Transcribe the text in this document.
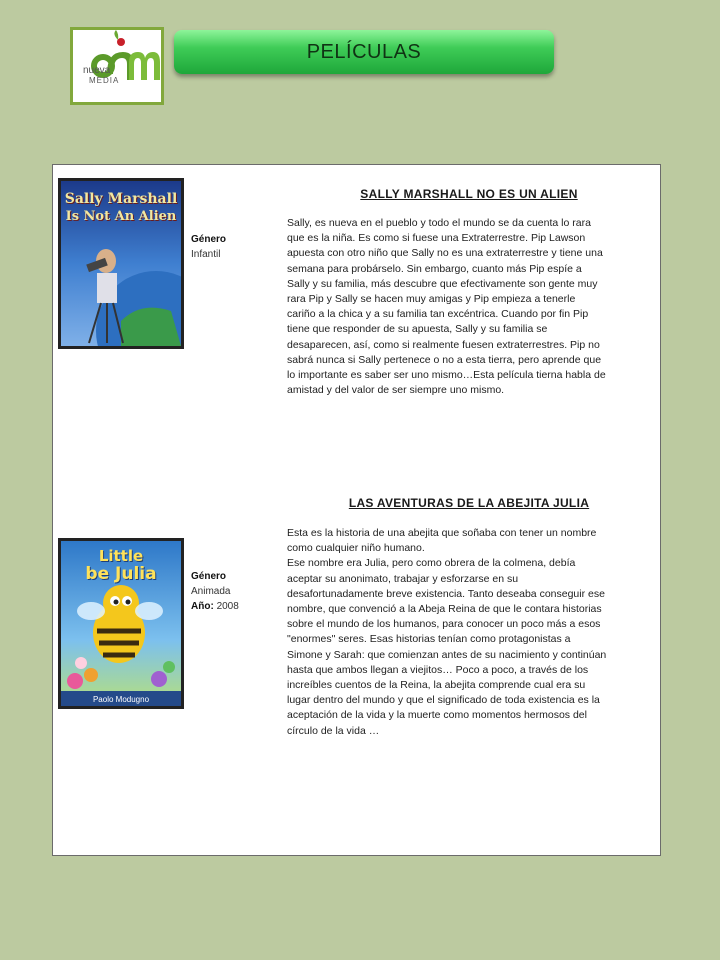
nueva
MEDIA
PELÍCULAS
Sally Marshall
Is Not An Alien
Género
Infantil
SALLY MARSHALL NO ES UN ALIEN

Sally, es nueva en el pueblo y todo el mundo se da cuenta lo rara
que es la niña. Es como si fuese una Extraterrestre. Pip Lawson
apuesta con otro niño que Sally no es una extraterrestre y tiene una
semana para probárselo. Sin embargo, cuanto más Pip espíe a
Sally y su familia, más descubre que efectivamente son gente muy
rara Pip y Sally se hacen muy amigas y Pip empieza a tenerle
cariño a la chica y a su familia tan excéntrica. Cuando por fin Pip
tiene que responder de su apuesta, Sally y su familia se
desaparecen, así, como si realmente fuesen extraterrestres. Pip no
sabrá nunca si Sally pertenece o no a esta tierra, pero aprende que
lo importante es saber ser uno mismo…Esta película tierna habla de
amistad y del valor de ser siempre uno mismo.

Little
be Julia
Paolo Modugno
Género
Animada
Año: 2008
LAS AVENTURAS DE LA ABEJITA JULIA

Esta es la historia de una abejita que soñaba con tener un nombre
como cualquier niño humano.
Ese nombre era Julia, pero como obrera de la colmena, debía
aceptar su anonimato, trabajar y esforzarse en su
desafortunadamente breve existencia. Tanto deseaba conseguir ese
nombre, que convenció a la Abeja Reina de que le contara historias
sobre el mundo de los humanos, para conocer un poco más a esos
"enormes" seres. Esas historias tenían como protagonistas a
Simone y Sarah: que comienzan antes de su nacimiento y continúan
hasta que ambos llegan a viejitos… Poco a poco, a través de los
increíbles cuentos de la Reina, la abejita comprende cual era su
lugar dentro del mundo y que el significado de toda existencia es la
aceptación de la vida y la muerte como momentos hermosos del
círculo de la vida …
